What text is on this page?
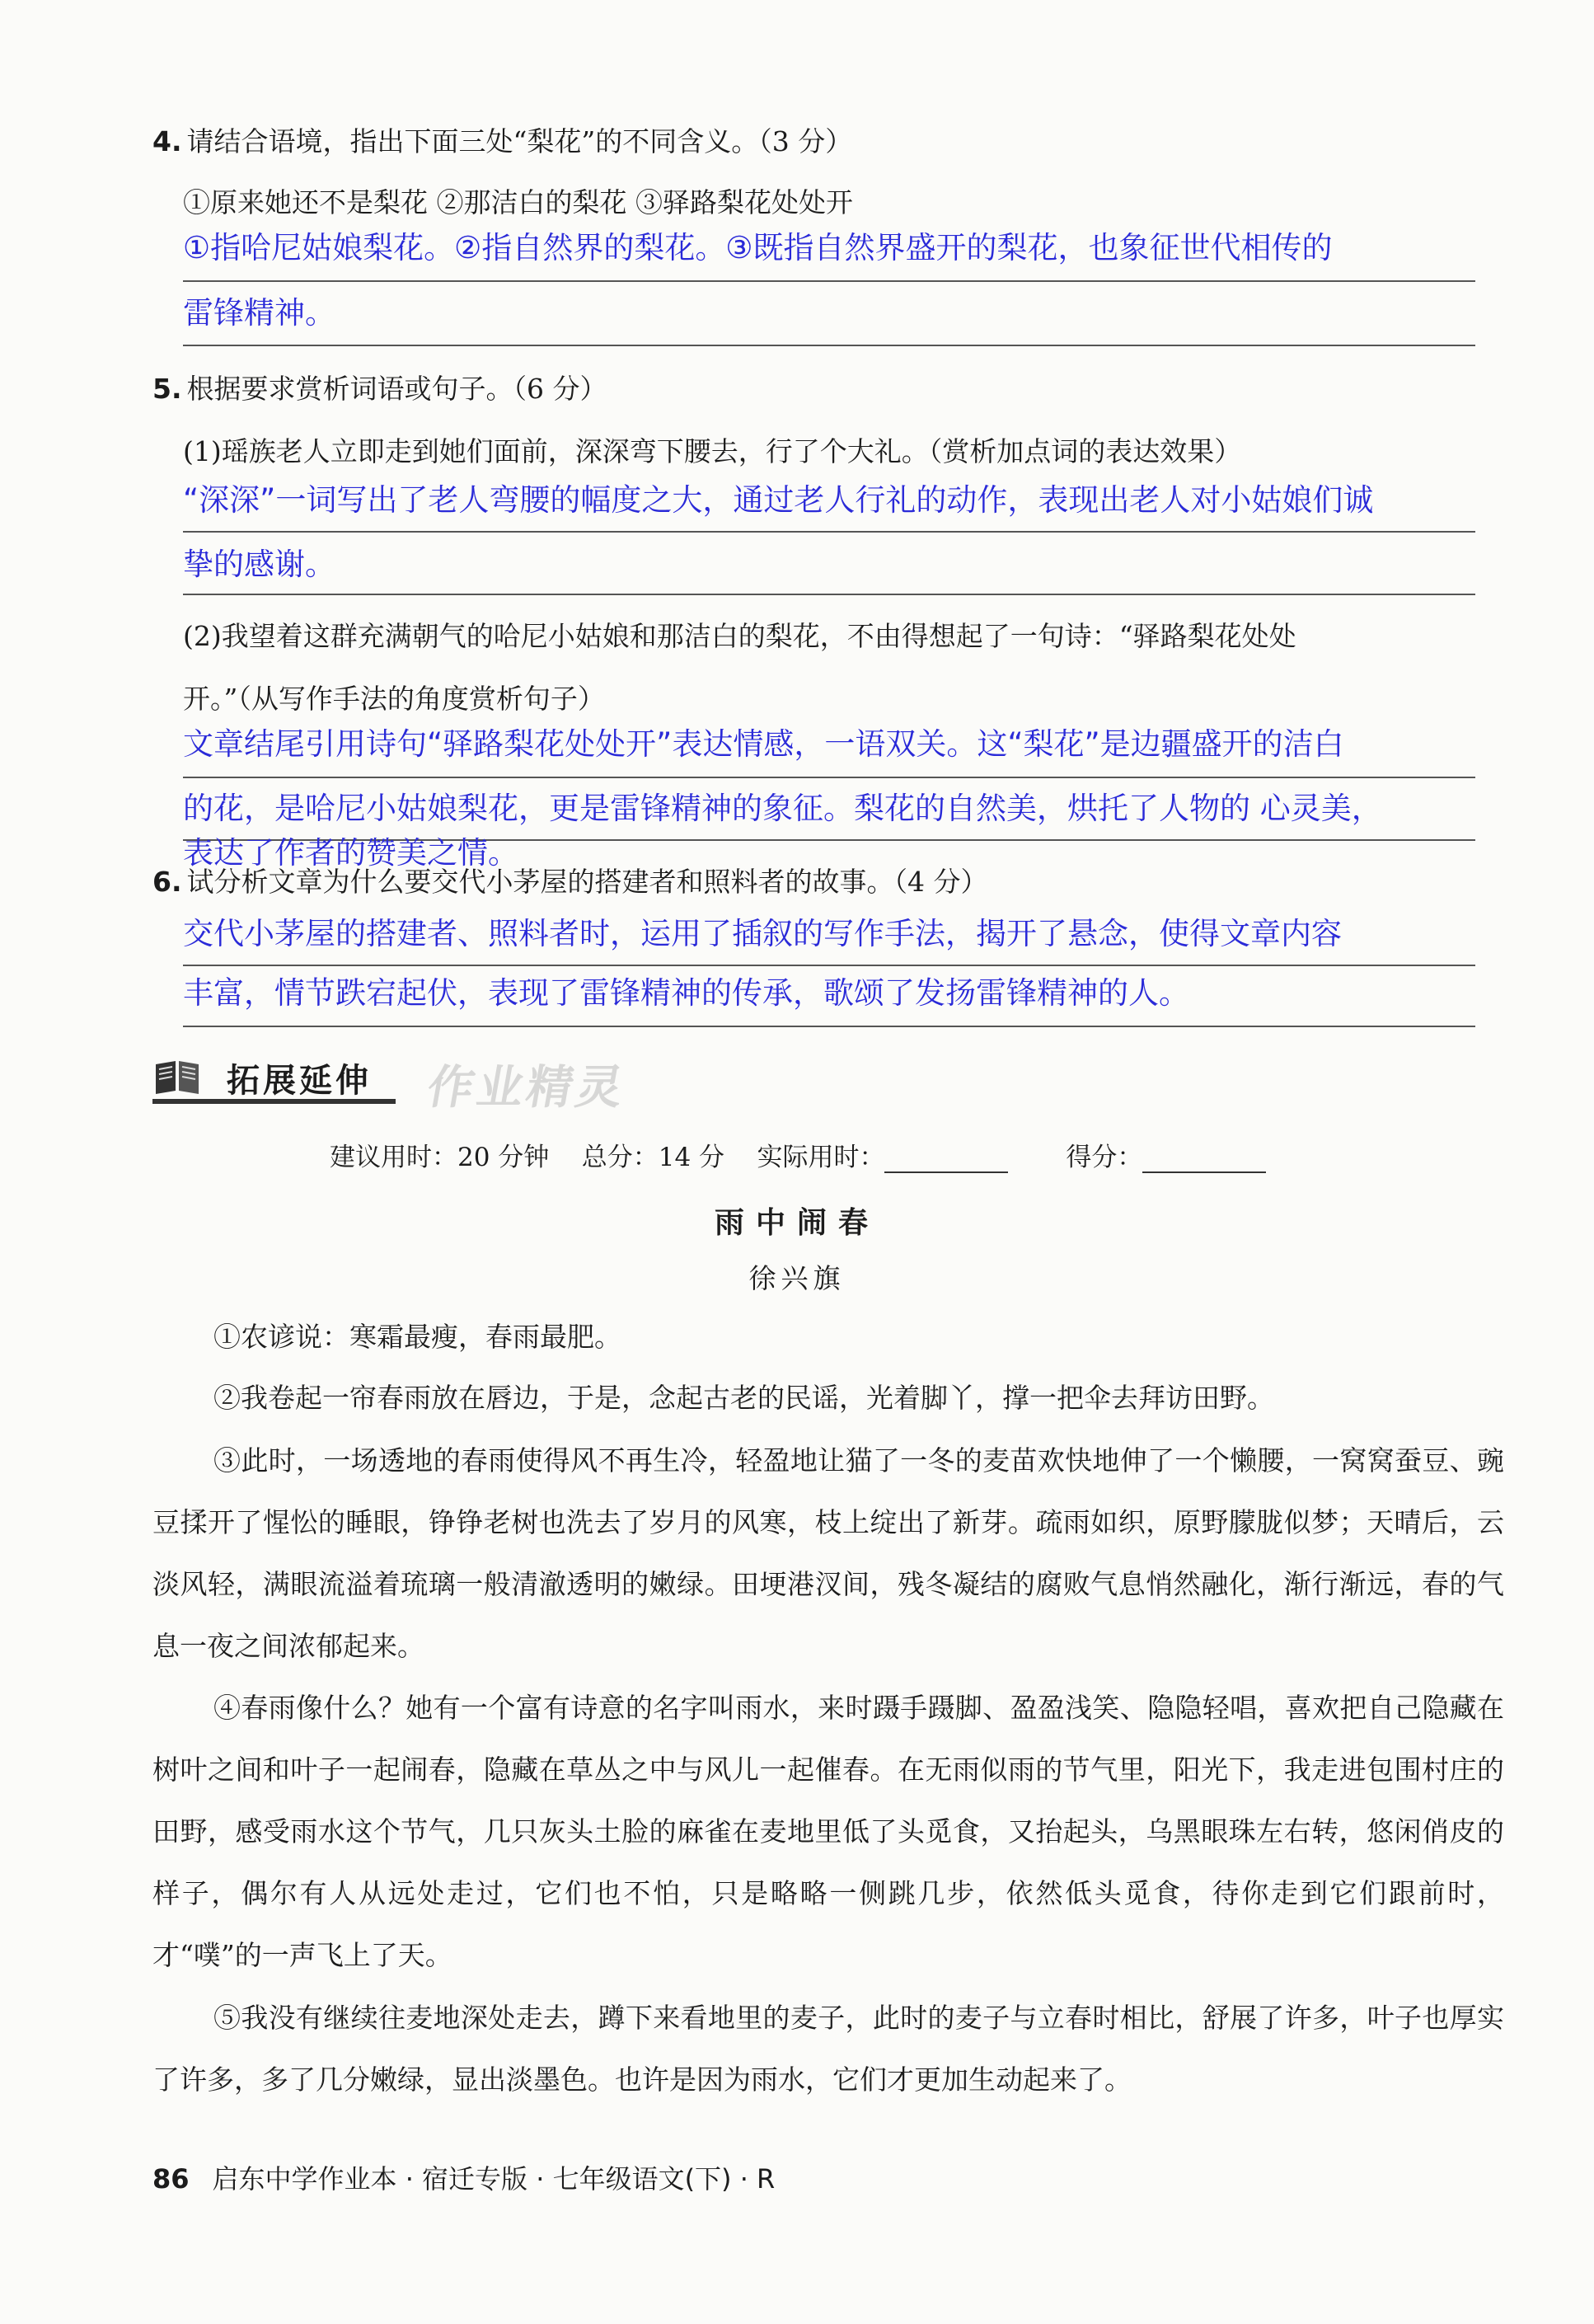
4. 请结合语境，指出下面三处“梨花”的不同含义。（3 分）
①原来她还不是梨花 ②那洁白的梨花 ③驿路梨花处处开
①指哈尼姑娘梨花。②指自然界的梨花。③既指自然界盛开的梨花，也象征世代相传的
雷锋精神。
5. 根据要求赏析词语或句子。（6 分）
(1)瑶族老人立即走到她们面前，深深弯下腰去，行了个大礼。（赏析加点词的表达效果）
“深深”一词写出了老人弯腰的幅度之大，通过老人行礼的动作，表现出老人对小姑娘们诚
挚的感谢。
(2)我望着这群充满朝气的哈尼小姑娘和那洁白的梨花，不由得想起了一句诗：“驿路梨花处处
开。”（从写作手法的角度赏析句子）
文章结尾引用诗句“驿路梨花处处开”表达情感，一语双关。这“梨花”是边疆盛开的洁白
的花，是哈尼小姑娘梨花，更是雷锋精神的象征。梨花的自然美，烘托了人物的 心灵美，
表达了作者的赞美之情。
6. 试分析文章为什么要交代小茅屋的搭建者和照料者的故事。（4 分）
交代小茅屋的搭建者、照料者时，运用了插叙的写作手法，揭开了悬念，使得文章内容
丰富，情节跌宕起伏，表现了雷锋精神的传承，歌颂了发扬雷锋精神的人。
拓展延伸 作业精灵
建议用时：20 分钟 总分：14 分 实际用时：	得分：
雨中闹春
徐兴旗
①农谚说：寒霜最瘦，春雨最肥。
②我卷起一帘春雨放在唇边，于是，念起古老的民谣，光着脚丫，撑一把伞去拜访田野。
③此时，一场透地的春雨使得风不再生冷，轻盈地让猫了一冬的麦苗欢快地伸了一个懒腰，一窝窝蚕豆、豌豆揉开了惺忪的睡眼，铮铮老树也洗去了岁月的风寒，枝上绽出了新芽。疏雨如织，原野朦胧似梦；天晴后，云淡风轻，满眼流溢着琉璃一般清澈透明的嫩绿。田埂港汊间，残冬凝结的腐败气息悄然融化，渐行渐远，春的气息一夜之间浓郁起来。
④春雨像什么？她有一个富有诗意的名字叫雨水，来时蹑手蹑脚、盈盈浅笑、隐隐轻唱，喜欢把自己隐藏在树叶之间和叶子一起闹春，隐藏在草丛之中与风儿一起催春。在无雨似雨的节气里，阳光下，我走进包围村庄的田野，感受雨水这个节气，几只灰头土脸的麻雀在麦地里低了头觅食，又抬起头，乌黑眼珠左右转，悠闲俏皮的样子，偶尔有人从远处走过，它们也不怕，只是略略一侧跳几步，依然低头觅食，待你走到它们跟前时，才“噗”的一声飞上了天。
⑤我没有继续往麦地深处走去，蹲下来看地里的麦子，此时的麦子与立春时相比，舒展了许多，叶子也厚实了许多，多了几分嫩绿，显出淡墨色。也许是因为雨水，它们才更加生动起来了。
86 启东中学作业本 · 宿迁专版 · 七年级语文(下) · R
